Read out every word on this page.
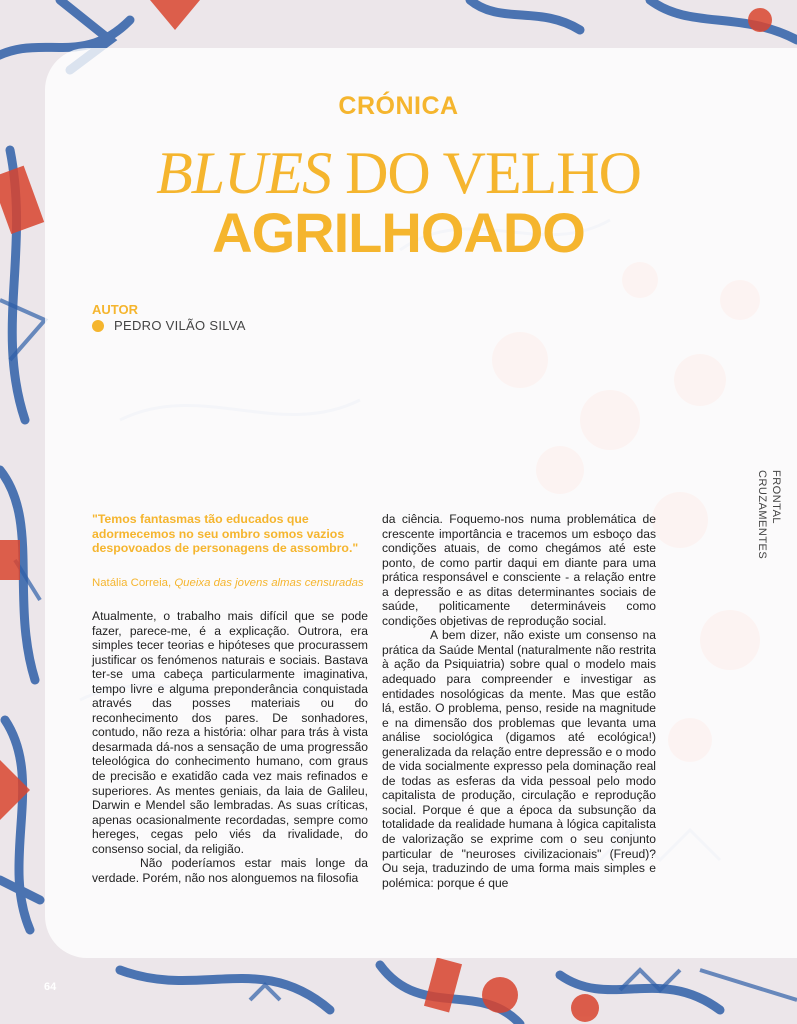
CRÓNICA
BLUES DO VELHO
AGRILHOADO
AUTOR
PEDRO VILÃO SILVA
FRONTAL
CRUZAMENTES
"Temos fantasmas tão educados que adormecemos no seu ombro somos vazios despovoados de personagens de assombro."
Natália Correia, Queixa das jovens almas censuradas

Atualmente, o trabalho mais difícil que se pode fazer, parece-me, é a explicação. Outrora, era simples tecer teorias e hipóteses que procurassem justificar os fenómenos naturais e sociais. Bastava ter-se uma cabeça particularmente imaginativa, tempo livre e alguma preponderância conquistada através das posses materiais ou do reconhecimento dos pares. De sonhadores, contudo, não reza a história: olhar para trás à vista desarmada dá-nos a sensação de uma progressão teleológica do conhecimento humano, com graus de precisão e exatidão cada vez mais refinados e superiores. As mentes geniais, da laia de Galileu, Darwin e Mendel são lembradas. As suas críticas, apenas ocasionalmente recordadas, sempre como hereges, cegas pelo viés da rivalidade, do consenso social, da religião.

Não poderíamos estar mais longe da verdade. Porém, não nos alonguemos na filosofia

da ciência. Foquemo-nos numa problemática de crescente importância e tracemos um esboço das condições atuais, de como chegámos até este ponto, de como partir daqui em diante para uma prática responsável e consciente - a relação entre a depressão e as ditas determinantes sociais de saúde, politicamente determináveis como condições objetivas de reprodução social.

A bem dizer, não existe um consenso na prática da Saúde Mental (naturalmente não restrita à ação da Psiquiatria) sobre qual o modelo mais adequado para compreender e investigar as entidades nosológicas da mente. Mas que estão lá, estão. O problema, penso, reside na magnitude e na dimensão dos problemas que levanta uma análise sociológica (digamos até ecológica!) generalizada da relação entre depressão e o modo de vida socialmente expresso pela dominação real de todas as esferas da vida pessoal pelo modo capitalista de produção, circulação e reprodução social. Porque é que a época da subsunção da totalidade da realidade humana à lógica capitalista de valorização se exprime com o seu conjunto particular de "neuroses civilizacionais" (Freud)? Ou seja, traduzindo de uma forma mais simples e polémica: porque é que

64
